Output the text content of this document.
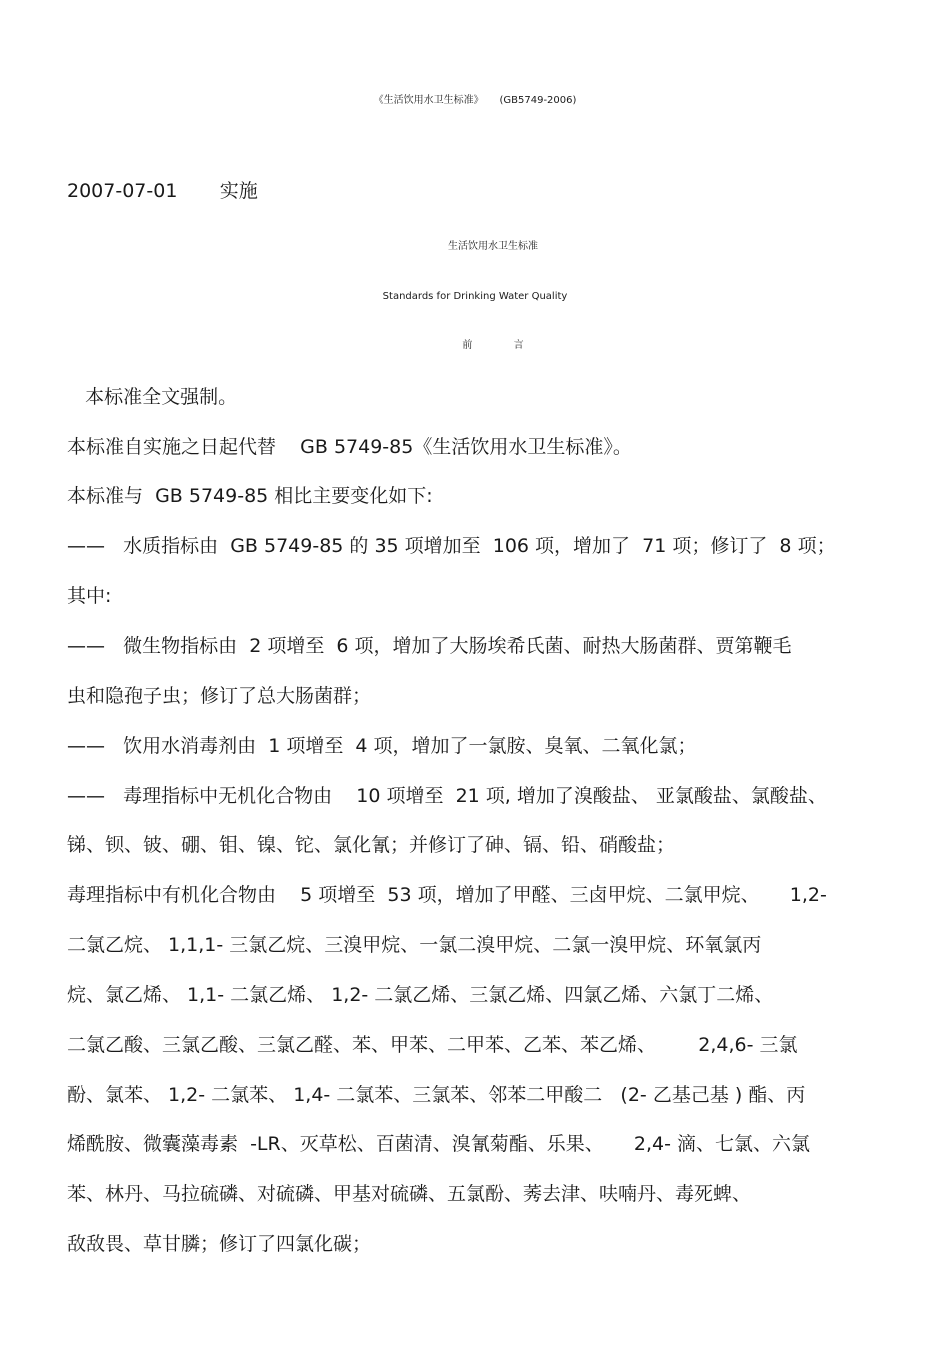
《生活饮用水卫生标准》     (GB5749-2006)

2007-07-01       实施

生活饮用水卫生标准

Standards for Drinking Water Quality

前             言

本标准全文强制。

本标准自实施之日起代替    GB 5749-85《生活饮用水卫生标准》。

本标准与  GB 5749-85 相比主要变化如下:

——   水质指标由  GB 5749-85 的 35 项增加至  106 项，增加了  71 项；修订了  8 项；

其中:

——   微生物指标由  2 项增至  6 项，增加了大肠埃希氏菌、耐热大肠菌群、贾第鞭毛

虫和隐孢子虫；修订了总大肠菌群；

——   饮用水消毒剂由  1 项增至  4 项，增加了一氯胺、臭氧、二氧化氯；

——   毒理指标中无机化合物由    10 项增至  21 项, 增加了溴酸盐、 亚氯酸盐、氯酸盐、

锑、钡、铍、硼、钼、镍、铊、氯化氰；并修订了砷、镉、铅、硝酸盐；

毒理指标中有机化合物由    5 项增至  53 项，增加了甲醛、三卤甲烷、二氯甲烷、     1,2-

二氯乙烷、 1,1,1- 三氯乙烷、三溴甲烷、一氯二溴甲烷、二氯一溴甲烷、环氧氯丙

烷、氯乙烯、 1,1- 二氯乙烯、 1,2- 二氯乙烯、三氯乙烯、四氯乙烯、六氯丁二烯、

二氯乙酸、三氯乙酸、三氯乙醛、苯、甲苯、二甲苯、乙苯、苯乙烯、       2,4,6- 三氯

酚、氯苯、 1,2- 二氯苯、 1,4- 二氯苯、三氯苯、邻苯二甲酸二   (2- 乙基己基 ) 酯、丙

烯酰胺、微囊藻毒素  -LR、灭草松、百菌清、溴氰菊酯、乐果、     2,4- 滴、七氯、六氯

苯、林丹、马拉硫磷、对硫磷、甲基对硫磷、五氯酚、莠去津、呋喃丹、毒死蜱、

敌敌畏、草甘膦；修订了四氯化碳；
